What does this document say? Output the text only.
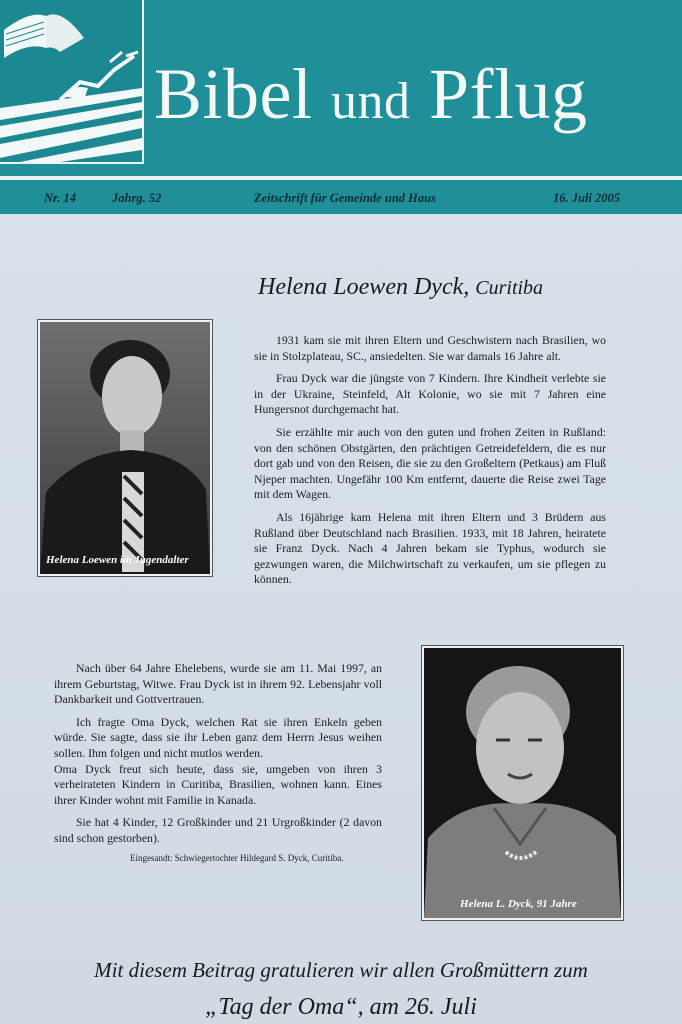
Bibel und Pflug
Nr. 14	Jahrg. 52	Zeitschrift für Gemeinde und Haus	16. Juli 2005
Helena Loewen Dyck, Curitiba
Helena Loewen im Jugendalter

1931 kam sie mit ihren Eltern und Geschwistern nach Brasilien, wo sie in Stolzplateau, SC., ansiedelten. Sie war damals 16 Jahre alt.

Frau Dyck war die jüngste von 7 Kindern. Ihre Kindheit verlebte sie in der Ukraine, Steinfeld, Alt Kolonie, wo sie mit 7 Jahren eine Hungersnot durchgemacht hat.

Sie erzählte mir auch von den guten und frohen Zeiten in Rußland: von den schönen Obstgärten, den prächtigen Getreidefeldern, die es nur dort gab und von den Reisen, die sie zu den Großeltern (Petkaus) am Fluß Njeper machten. Ungefähr 100 Km entfernt, dauerte die Reise zwei Tage mit dem Wagen.

Als 16jährige kam Helena mit ihren Eltern und 3 Brüdern aus Rußland über Deutschland nach Brasilien. 1933, mit 18 Jahren, heiratete sie Franz Dyck. Nach 4 Jahren bekam sie Typhus, wodurch sie gezwungen waren, die Milchwirtschaft zu verkaufen, um sie pflegen zu können.

Nach über 64 Jahre Ehelebens, wurde sie am 11. Mai 1997, an ihrem Geburtstag, Witwe. Frau Dyck ist in ihrem 92. Lebensjahr voll Dankbarkeit und Gottvertrauen.

Ich fragte Oma Dyck, welchen Rat sie ihren Enkeln geben würde. Sie sagte, dass sie ihr Leben ganz dem Herrn Jesus weihen sollen. Ihm folgen und nicht mutlos werden.

Oma Dyck freut sich heute, dass sie, umgeben von ihren 3 verheirateten Kindern in Curitiba, Brasilien, wohnen kann. Eines ihrer Kinder wohnt mit Familie in Kanada.

Sie hat 4 Kinder, 12 Großkinder und 21 Urgroßkinder (2 davon sind schon gestorben).

Eingesandt: Schwiegertochter Hildegard S. Dyck, Curitiba.
Helena L. Dyck, 91 Jahre
Mit diesem Beitrag gratulieren wir allen Großmüttern zum
„Tag der Oma“, am 26. Juli
